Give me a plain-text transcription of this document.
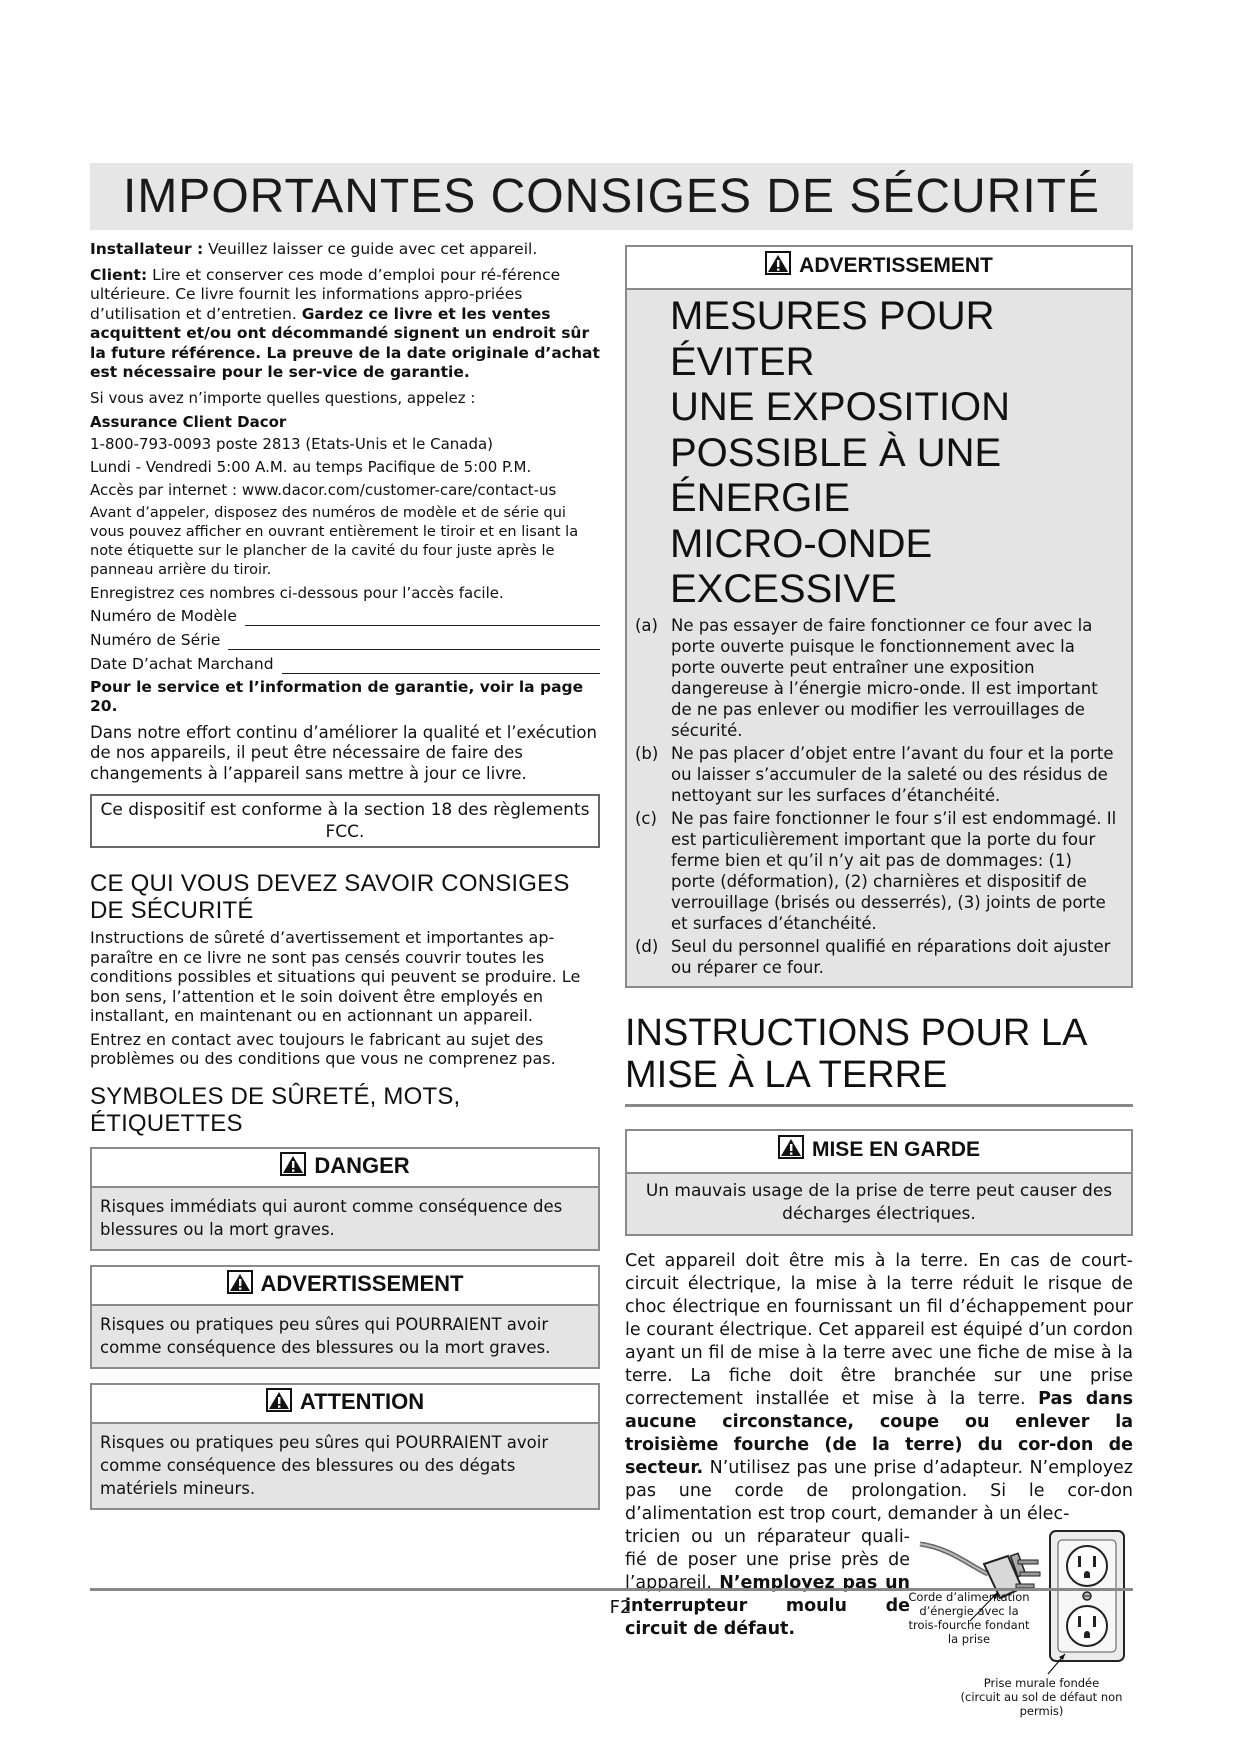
IMPORTANTES CONSIGES DE SÉCURITÉ

Installateur : Veuillez laisser ce guide avec cet appareil.

Client: Lire et conserver ces mode d’emploi pour ré-férence ultérieure. Ce livre fournit les informations appro-priées d’utilisation et d’entretien. Gardez ce livre et les ventes acquittent et/ou ont décommandé signent un endroit sûr la future référence. La preuve de la date originale d’achat est nécessaire pour le ser-vice de garantie.

Si vous avez n’importe quelles questions, appelez :

Assurance Client Dacor

1-800-793-0093 poste 2813 (Etats-Unis et le Canada)

Lundi - Vendredi 5:00 A.M. au temps Pacifique de 5:00 P.M.

Accès par internet : www.dacor.com/customer-care/contact-us

Avant d’appeler, disposez des numéros de modèle et de série qui vous pouvez afficher en ouvrant entièrement le tiroir et en lisant la note étiquette sur le plancher de la cavité du four juste après le panneau arrière du tiroir.

Enregistrez ces nombres ci-dessous pour l’accès facile.

Numéro de Modèle
Numéro de Série
Date D’achat Marchand

Pour le service et l’information de garantie, voir la page 20.

Dans notre effort continu d’améliorer la qualité et l’exécution de nos appareils, il peut être nécessaire de faire des changements à l’appareil sans mettre à jour ce livre.

Ce dispositif est conforme à la section 18 des règlements FCC.
CE QUI VOUS DEVEZ SAVOIR CONSIGES DE SÉCURITÉ

Instructions de sûreté d’avertissement et importantes ap-paraître en ce livre ne sont pas censés couvrir toutes les conditions possibles et situations qui peuvent se produire. Le bon sens, l’attention et le soin doivent être employés en installant, en maintenant ou en actionnant un appareil.

Entrez en contact avec toujours le fabricant au sujet des problèmes ou des conditions que vous ne comprenez pas.

SYMBOLES DE SÛRETÉ, MOTS, ÉTIQUETTES
DANGER
Risques immédiats qui auront comme conséquence des blessures ou la mort graves.
ADVERTISSEMENT
Risques ou pratiques peu sûres qui POURRAIENT avoir comme conséquence des blessures ou la mort graves.
ATTENTION
Risques ou pratiques peu sûres qui POURRAIENT avoir comme conséquence des blessures ou des dégats matériels mineurs.
ADVERTISSEMENT
MESURES POUR ÉVITER
UNE EXPOSITION
POSSIBLE À UNE ÉNERGIE
MICRO-ONDE EXCESSIVE
(a) Ne pas essayer de faire fonctionner ce four avec la porte ouverte puisque le fonctionnement avec la porte ouverte peut entraîner une exposition dangereuse à l’énergie micro-onde. Il est important de ne pas enlever ou modifier les verrouillages de sécurité.
(b) Ne pas placer d’objet entre l’avant du four et la porte ou laisser s’accumuler de la saleté ou des résidus de nettoyant sur les surfaces d’étanchéité.
(c) Ne pas faire fonctionner le four s’il est endommagé. Il est particulièrement important que la porte du four ferme bien et qu’il n’y ait pas de dommages: (1) porte (déformation), (2) charnières et dispositif de verrouillage (brisés ou desserrés), (3) joints de porte et surfaces d’étanchéité.
(d) Seul du personnel qualifié en réparations doit ajuster ou réparer ce four.
INSTRUCTIONS POUR LA MISE À LA TERRE
MISE EN GARDE
Un mauvais usage de la prise de terre peut causer des décharges électriques.
Cet appareil doit être mis à la terre. En cas de court-circuit électrique, la mise à la terre réduit le risque de choc électrique en fournissant un fil d’échappement pour le courant électrique. Cet appareil est équipé d’un cordon ayant un fil de mise à la terre avec une fiche de mise à la terre. La fiche doit être branchée sur une prise correctement installée et mise à la terre. Pas dans aucune circonstance, coupe ou enlever la troisième fourche (de la terre) du cor-don de secteur. N’utilisez pas une prise d’adapteur. N’employez pas une corde de prolongation. Si le cor-don d’alimentation est trop court, demander à un élec-
tricien ou un réparateur quali-fié de poser une prise près de l’appareil. N’employez pas un interrupteur moulu de circuit de défaut.
Corde d’alimentation d’énergie avec la trois-fourche fondant la prise
Prise murale fondée
(circuit au sol de défaut non permis)
F2
